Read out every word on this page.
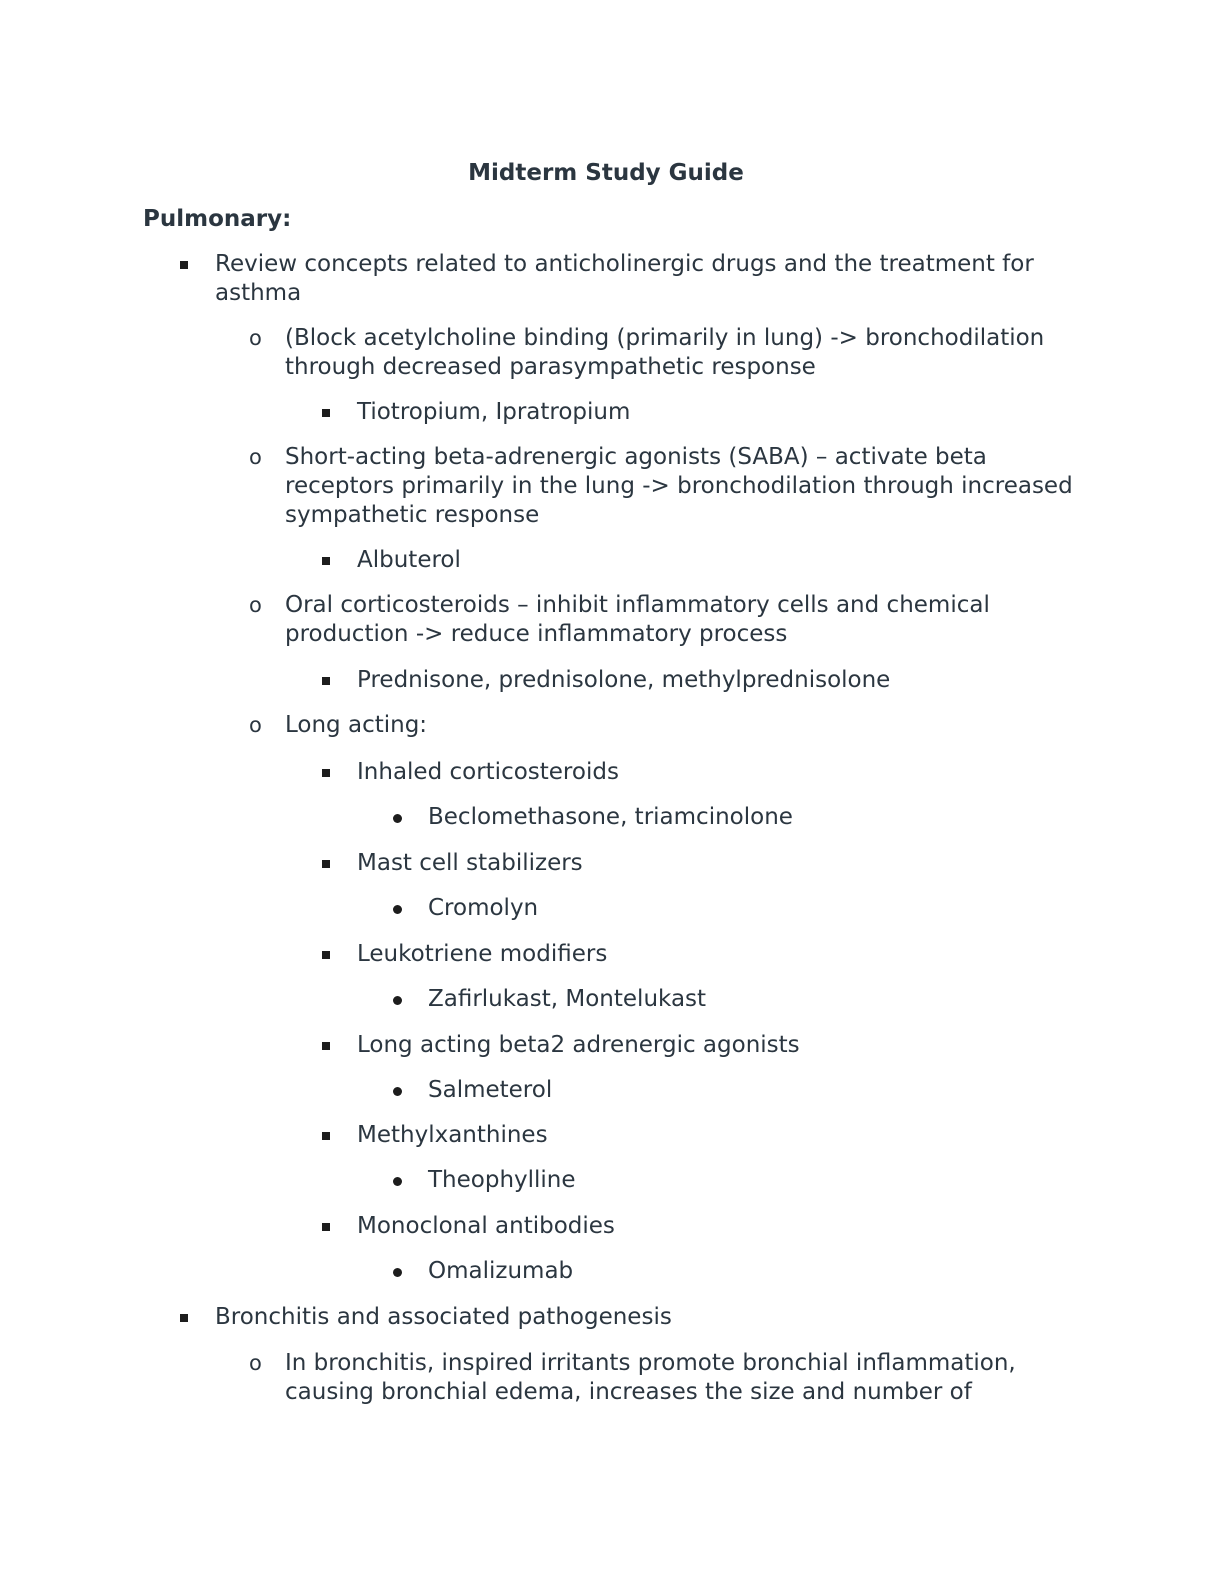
Midterm Study Guide
Pulmonary:
Review concepts related to anticholinergic drugs and the treatment for asthma
o (Block acetylcholine binding (primarily in lung) -> bronchodilation through decreased parasympathetic response
Tiotropium, Ipratropium
o Short-acting beta-adrenergic agonists (SABA) – activate beta receptors primarily in the lung -> bronchodilation through increased sympathetic response
Albuterol
o Oral corticosteroids – inhibit inflammatory cells and chemical production -> reduce inflammatory process
Prednisone, prednisolone, methylprednisolone
o Long acting:
Inhaled corticosteroids
Beclomethasone, triamcinolone
Mast cell stabilizers
Cromolyn
Leukotriene modifiers
Zafirlukast, Montelukast
Long acting beta2 adrenergic agonists
Salmeterol
Methylxanthines
Theophylline
Monoclonal antibodies
Omalizumab
Bronchitis and associated pathogenesis
o In bronchitis, inspired irritants promote bronchial inflammation, causing bronchial edema, increases the size and number of
